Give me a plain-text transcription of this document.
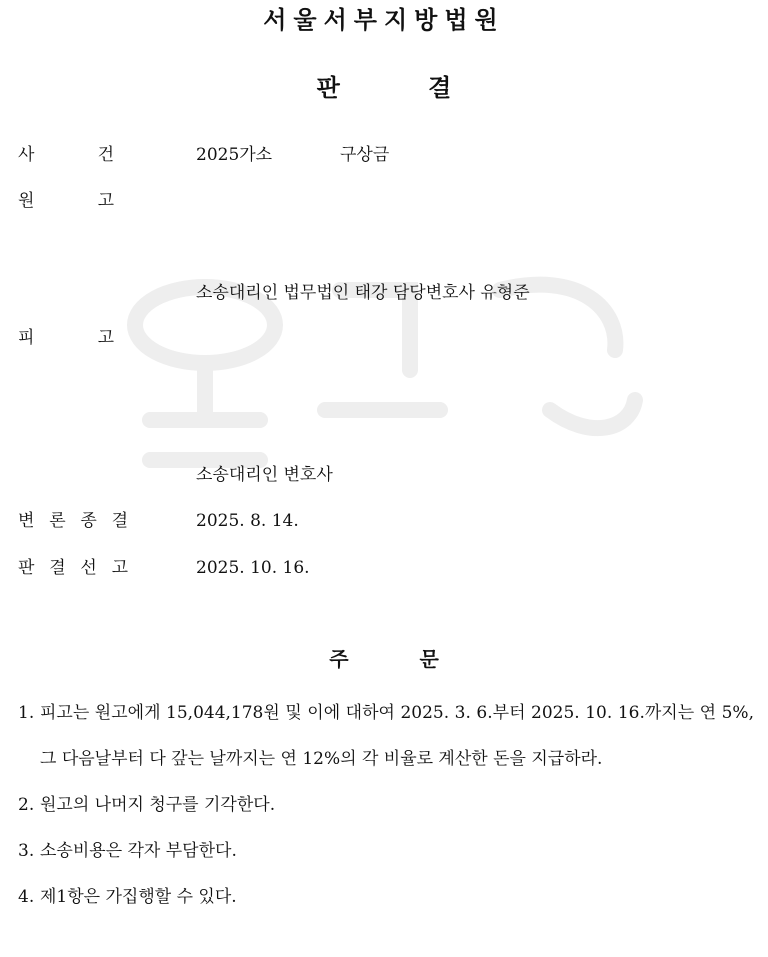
서울서부지방법원
판 결
사	건	2025가소	구상금
원	고
소송대리인 법무법인 태강 담당변호사 유형준
피	고
소송대리인 변호사
변 론 종 결	2025. 8. 14.
판 결 선 고	2025. 10. 16.
주 문
1. 피고는 원고에게 15,044,178원 및 이에 대하여 2025. 3. 6.부터 2025. 10. 16.까지는 연 5%, 그 다음날부터 다 갚는 날까지는 연 12%의 각 비율로 계산한 돈을 지급하라.
2. 원고의 나머지 청구를 기각한다.
3. 소송비용은 각자 부담한다.
4. 제1항은 가집행할 수 있다.
